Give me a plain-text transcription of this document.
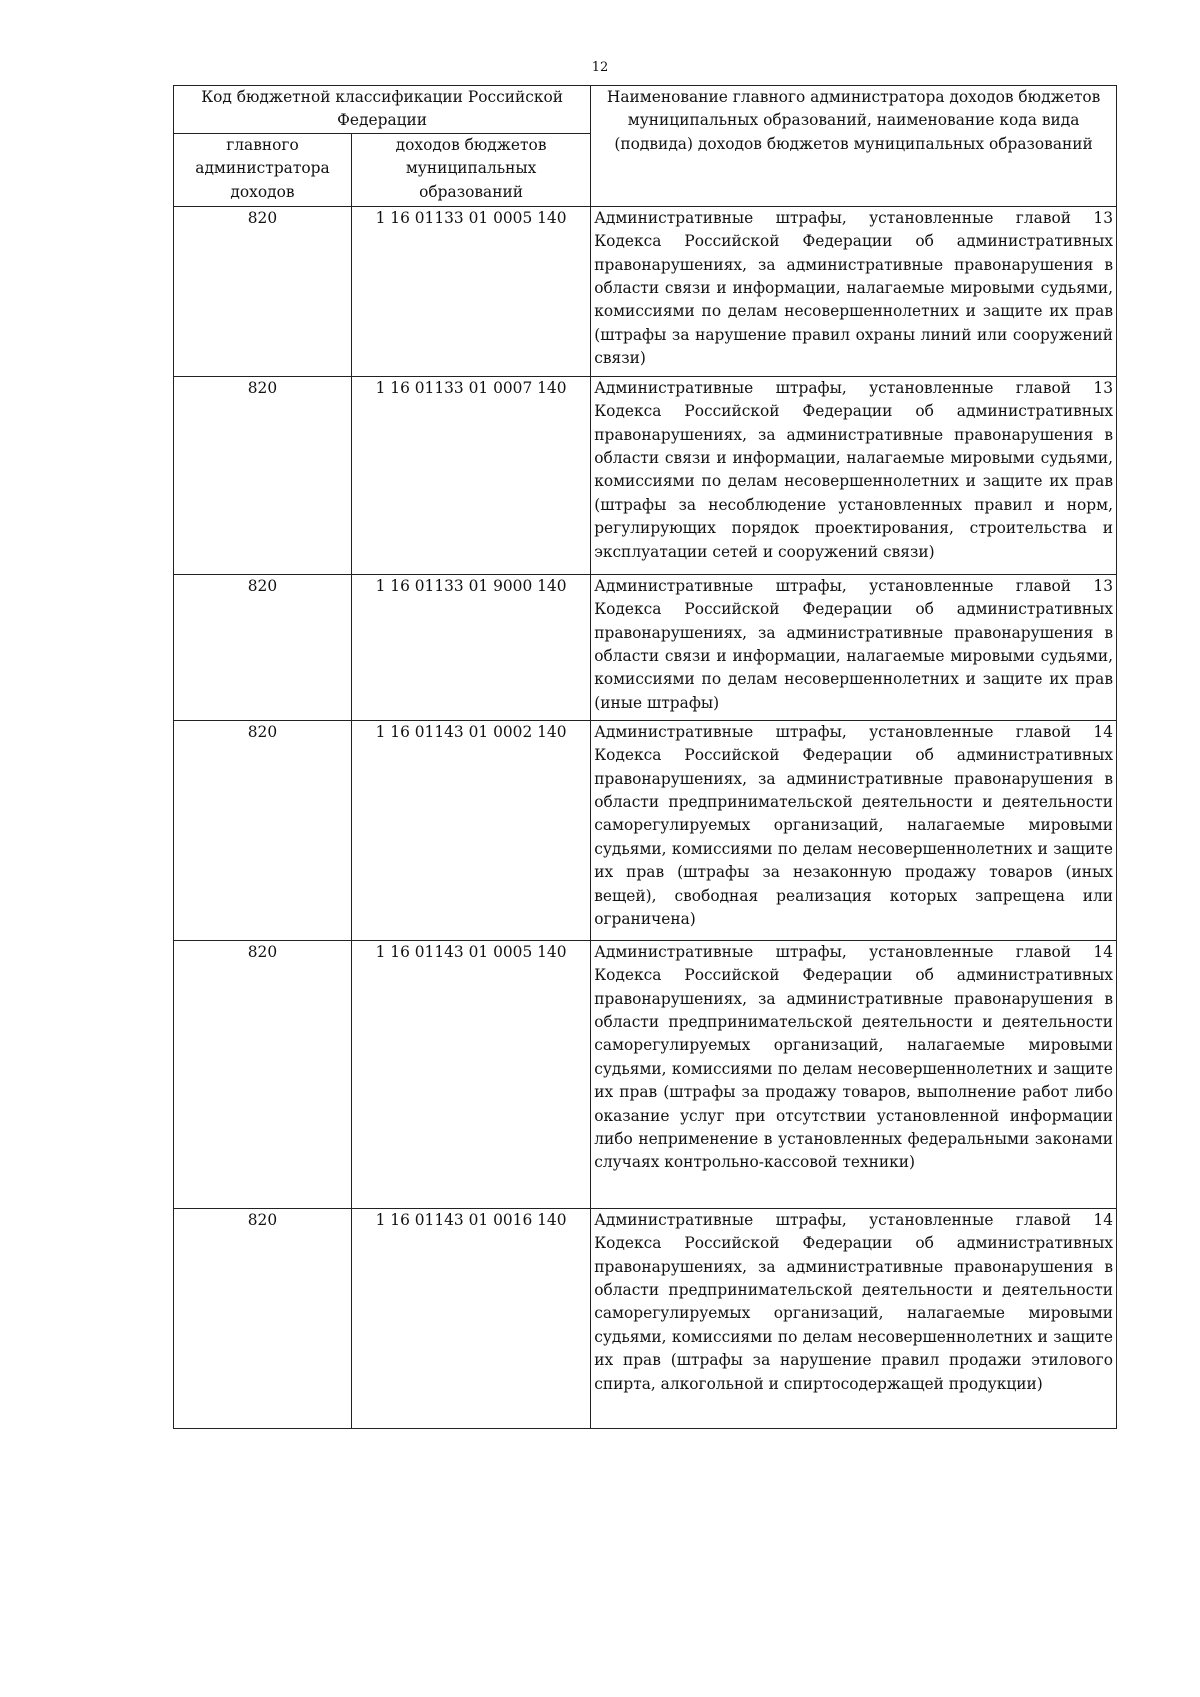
12
Код бюджетной классификации Российской Федерации		Наименование главного администратора доходов бюджетов муниципальных образований, наименование кода вида (подвида) доходов бюджетов муниципальных образований
главного администратора доходов	доходов бюджетов муниципальных образований	
820	1 16 01133 01 0005 140	Административные штрафы, установленные главой 13 Кодекса Российской Федерации об административных правонарушениях, за административные правонарушения в области связи и информации, налагаемые мировыми судьями, комиссиями по делам несовершеннолетних и защите их прав (штрафы за нарушение правил охраны линий или сооружений связи)
820	1 16 01133 01 0007 140	Административные штрафы, установленные главой 13 Кодекса Российской Федерации об административных правонарушениях, за административные правонарушения в области связи и информации, налагаемые мировыми судьями, комиссиями по делам несовершеннолетних и защите их прав (штрафы за несоблюдение установленных правил и норм, регулирующих порядок проектирования, строительства и эксплуатации сетей и сооружений связи)
820	1 16 01133 01 9000 140	Административные штрафы, установленные главой 13 Кодекса Российской Федерации об административных правонарушениях, за административные правонарушения в области связи и информации, налагаемые мировыми судьями, комиссиями по делам несовершеннолетних и защите их прав (иные штрафы)
820	1 16 01143 01 0002 140	Административные штрафы, установленные главой 14 Кодекса Российской Федерации об административных правонарушениях, за административные правонарушения в области предпринимательской деятельности и деятельности саморегулируемых организаций, налагаемые мировыми судьями, комиссиями по делам несовершеннолетних и защите их прав (штрафы за незаконную продажу товаров (иных вещей), свободная реализация которых запрещена или ограничена)
820	1 16 01143 01 0005 140	Административные штрафы, установленные главой 14 Кодекса Российской Федерации об административных правонарушениях, за административные правонарушения в области предпринимательской деятельности и деятельности саморегулируемых организаций, налагаемые мировыми судьями, комиссиями по делам несовершеннолетних и защите их прав (штрафы за продажу товаров, выполнение работ либо оказание услуг при отсутствии установленной информации либо неприменение в установленных федеральными законами случаях контрольно-кассовой техники)
820	1 16 01143 01 0016 140	Административные штрафы, установленные главой 14 Кодекса Российской Федерации об административных правонарушениях, за административные правонарушения в области предпринимательской деятельности и деятельности саморегулируемых организаций, налагаемые мировыми судьями, комиссиями по делам несовершеннолетних и защите их прав (штрафы за нарушение правил продажи этилового спирта, алкогольной и спиртосодержащей продукции)
